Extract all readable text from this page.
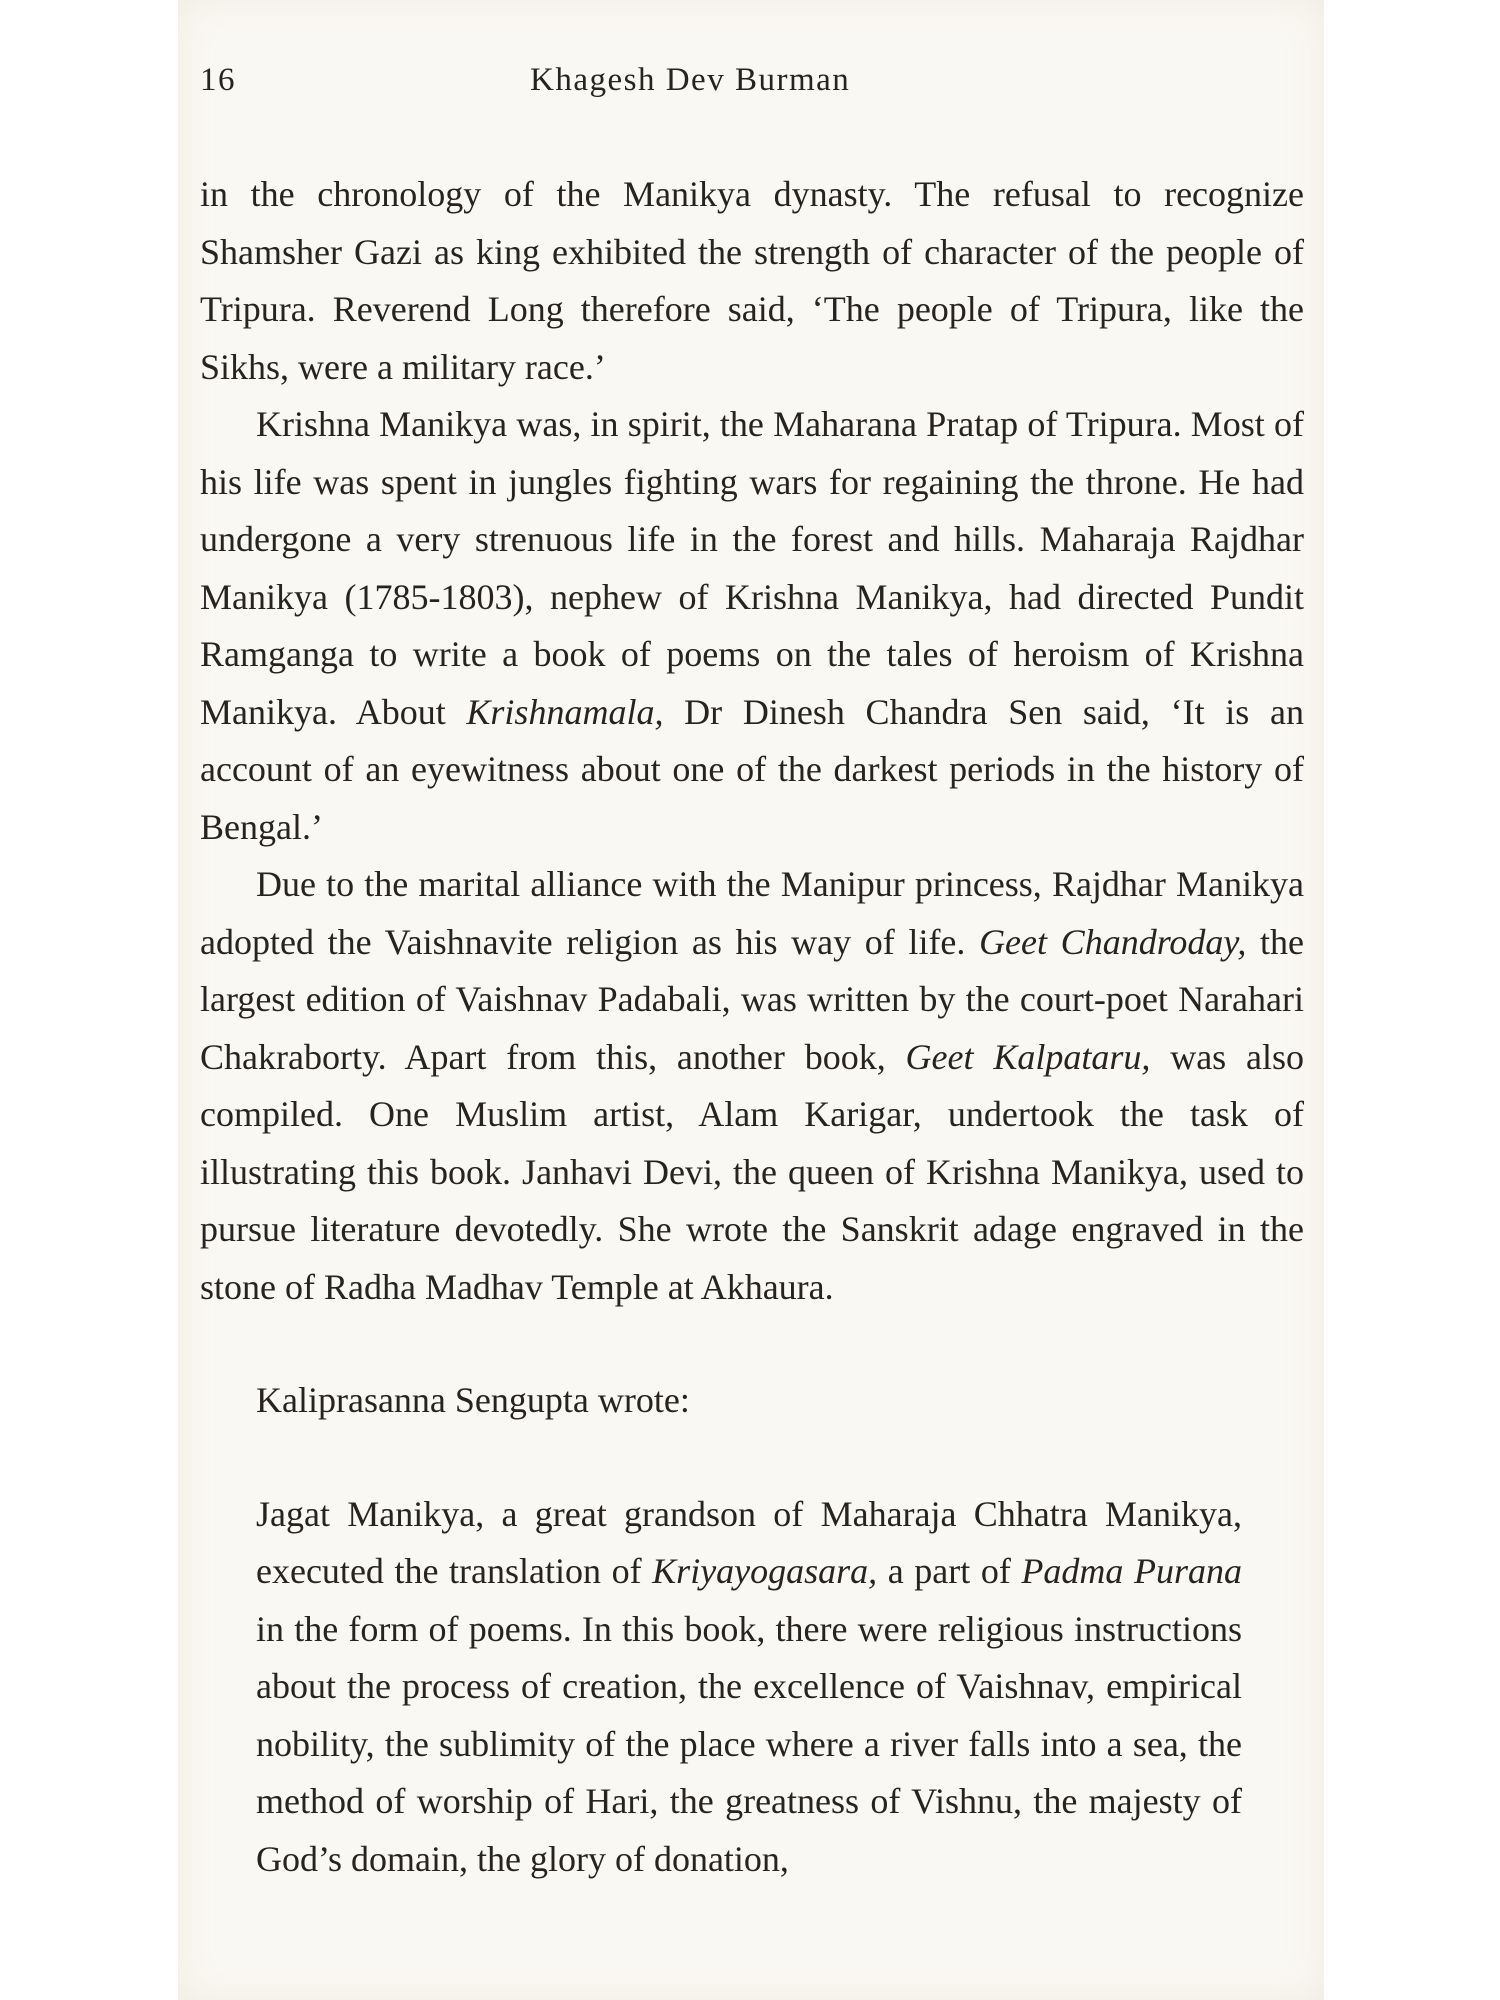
16	Khagesh Dev Burman

in the chronology of the Manikya dynasty. The refusal to recognize Shamsher Gazi as king exhibited the strength of character of the people of Tripura. Reverend Long therefore said, ‘The people of Tripura, like the Sikhs, were a military race.’

Krishna Manikya was, in spirit, the Maharana Pratap of Tripura. Most of his life was spent in jungles fighting wars for regaining the throne. He had undergone a very strenuous life in the forest and hills. Maharaja Rajdhar Manikya (1785-1803), nephew of Krishna Manikya, had directed Pundit Ramganga to write a book of poems on the tales of heroism of Krishna Manikya. About Krishnamala, Dr Dinesh Chandra Sen said, ‘It is an account of an eyewitness about one of the darkest periods in the history of Bengal.’

Due to the marital alliance with the Manipur princess, Rajdhar Manikya adopted the Vaishnavite religion as his way of life. Geet Chandroday, the largest edition of Vaishnav Padabali, was written by the court-poet Narahari Chakraborty. Apart from this, another book, Geet Kalpataru, was also compiled. One Muslim artist, Alam Karigar, undertook the task of illustrating this book. Janhavi Devi, the queen of Krishna Manikya, used to pursue literature devotedly. She wrote the Sanskrit adage engraved in the stone of Radha Madhav Temple at Akhaura.

Kaliprasanna Sengupta wrote:

Jagat Manikya, a great grandson of Maharaja Chhatra Manikya, executed the translation of Kriyayogasara, a part of Padma Purana in the form of poems. In this book, there were religious instructions about the process of creation, the excellence of Vaishnav, empirical nobility, the sublimity of the place where a river falls into a sea, the method of worship of Hari, the greatness of Vishnu, the majesty of God’s domain, the glory of donation,
